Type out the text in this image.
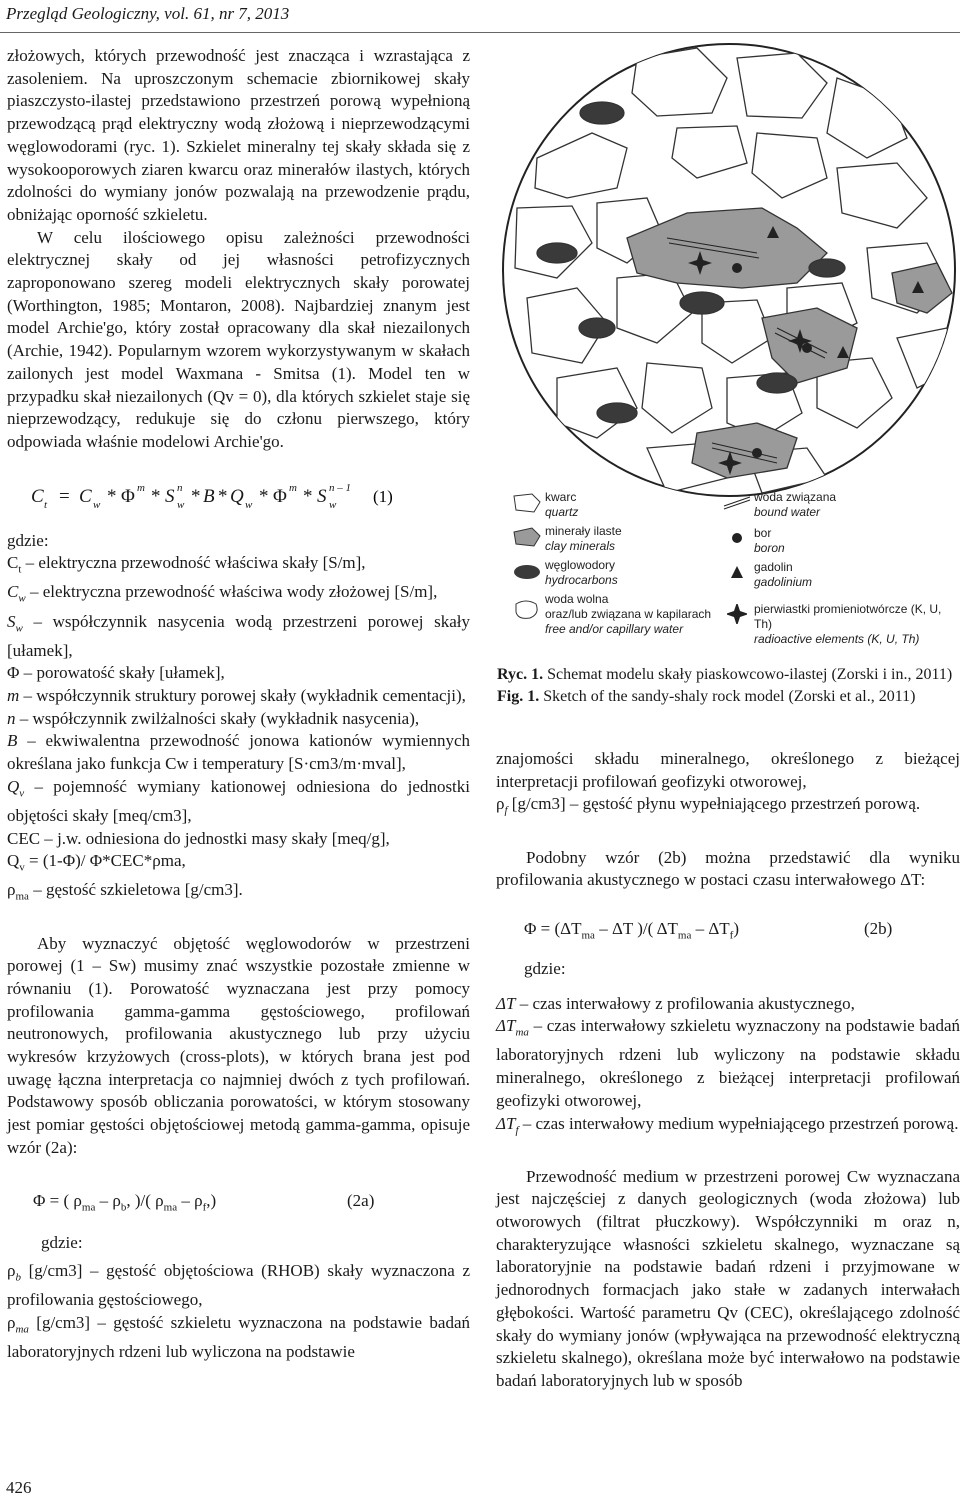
Przegląd Geologiczny, vol. 61, nr 7, 2013

złożowych, których przewodność jest znacząca i wzrastająca z zasoleniem. Na uproszczonym schemacie zbiornikowej skały piaszczysto-ilastej przedstawiono przestrzeń porową wypełnioną przewodzącą prąd elektryczny wodą złożową i nieprzewodzącymi węglowodorami (ryc. 1). Szkielet mineralny tej skały składa się z wysokooporowych ziaren kwarcu oraz minerałów ilastych, których zdolności do wymiany jonów pozwalają na przewodzenie prądu, obniżając oporność szkieletu.

W celu ilościowego opisu zależności przewodności elektrycznej skały od jej własności petrofizycznych zaproponowano szereg modeli elektrycznych skały porowatej (Worthington, 1985; Montaron, 2008). Najbardziej znanym jest model Archie'go, który został opracowany dla skał niezailonych (Archie, 1942). Popularnym wzorem wykorzystywanym w skałach zailonych jest model Waxmana - Smitsa (1). Model ten w przypadku skał niezailonych (Qv = 0), dla których szkielet staje się nieprzewodzący, redukuje się do członu pierwszego, który odpowiada właśnie modelowi Archie'go.

C t = C w * Φ m * S w
n * B * Q w * Φ m * S w
n – 1 (1)

gdzie:

$C_t$ – elektryczna przewodność właściwa skały [S/m],

$C_w$ – elektryczna przewodność właściwa wody złożowej [S/m],

$S_w$ – współczynnik nasycenia wodą przestrzeni porowej skały [ułamek],

Φ – porowatość skały [ułamek],

m – współczynnik struktury porowej skały (wykładnik cementacji),

n – współczynnik zwilżalności skały (wykładnik nasycenia),

B – ekwiwalentna przewodność jonowa kationów wymiennych określana jako funkcja Cw i temperatury [S·cm3/m·mval],

$Q_v$ – pojemność wymiany kationowej odniesiona do jednostki objętości skały [meq/cm3],

CEC – j.w. odniesiona do jednostki masy skały [meq/g],

$Q_v = (1-\Phi)/$ Φ*CEC*ρma,

$\rho_{ma}$ – gęstość szkieletowa [g/cm3].

Aby wyznaczyć objętość węglowodorów w przestrzeni porowej (1 – Sw) musimy znać wszystkie pozostałe zmienne w równaniu (1). Porowatość wyznaczana jest przy pomocy profilowania gamma-gamma gęstościowego, profilowań neutronowych, profilowania akustycznego lub przy użyciu wykresów krzyżowych (cross-plots), w których brana jest pod uwagę łączna interpretacja co najmniej dwóch z tych profilowań. Podstawowy sposób obliczania porowatości, w którym stosowany jest pomiar gęstości objętościowej metodą gamma-gamma, opisuje wzór (2a):

Φ = ( $\rho_{ma} - \rho_b$, )/( $\rho_{ma} - \rho_f$,)	(2a)

gdzie:

$\rho_b$ [g/cm3] – gęstość objętościowa (RHOB) skały wyznaczona z profilowania gęstościowego,

$\rho_{ma}$ [g/cm3] – gęstość szkieletu wyznaczona na podstawie badań laboratoryjnych rdzeni lub wyliczona na podstawie

426
kwarc
quartz
minerały ilaste
clay minerals
węglowodory
hydrocarbons
woda wolna
oraz/lub związana w kapilarach
free and/or capillary water
woda związana
bound water
bor
boron
gadolin
gadolinium
pierwiastki promieniotwórcze (K, U, Th)
radioactive elements (K, U, Th)

Ryc. 1. Schemat modelu skały piaskowcowo-ilastej (Zorski i in., 2011)

Fig. 1. Sketch of the sandy-shaly rock model (Zorski et al., 2011)

znajomości składu mineralnego, określonego z bieżącej interpretacji profilowań geofizyki otworowej,

$\rho_f$ [g/cm3] – gęstość płynu wypełniającego przestrzeń porową.

Podobny wzór (2b) można przedstawić dla wyniku profilowania akustycznego w postaci czasu interwałowego ΔT:

$\Phi = (\Delta T_{ma} - \Delta T$ )/( $\Delta T_{ma} - \Delta T_f$)	(2b)

gdzie:

ΔT – czas interwałowy z profilowania akustycznego,

$\Delta T_{ma}$ – czas interwałowy szkieletu wyznaczony na podstawie badań laboratoryjnych rdzeni lub wyliczony na podstawie składu mineralnego, określonego z bieżącej interpretacji profilowań geofizyki otworowej,

$\Delta T_f$ – czas interwałowy medium wypełniającego przestrzeń porową.

Przewodność medium w przestrzeni porowej Cw wyznaczana jest najczęściej z danych geologicznych (woda złożowa) lub otworowych (filtrat płuczkowy). Współczynniki m oraz n, charakteryzujące własności szkieletu skalnego, wyznaczane są laboratoryjnie na podstawie badań rdzeni i przyjmowane w jednorodnych formacjach jako stałe w zadanych interwałach głębokości. Wartość parametru Qv (CEC), określającego zdolność skały do wymiany jonów (wpływająca na przewodność elektryczną szkieletu skalnego), określana może być interwałowo na podstawie badań laboratoryjnych lub w sposób
